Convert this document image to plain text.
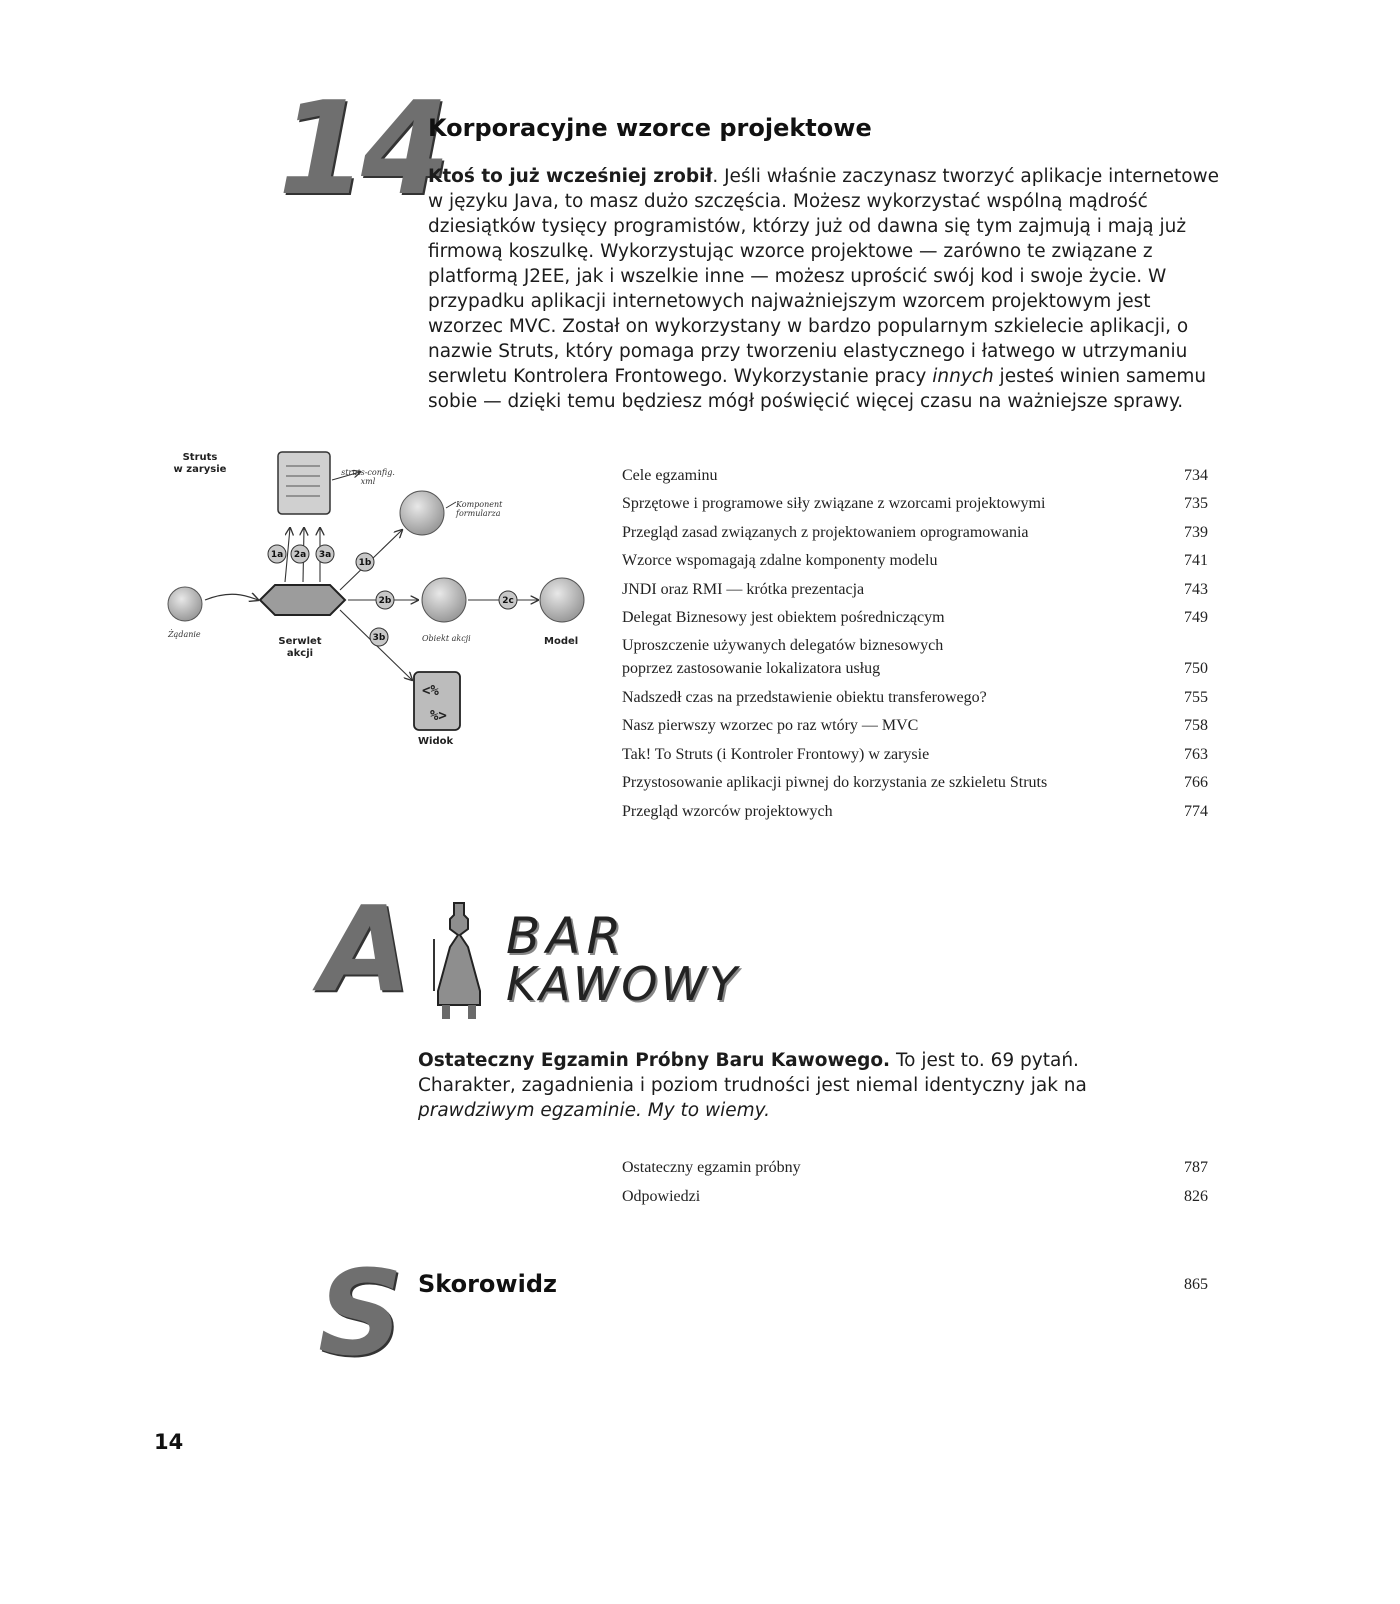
14
Korporacyjne wzorce projektowe
Ktoś to już wcześniej zrobił. Jeśli właśnie zaczynasz tworzyć aplikacje internetowe w języku Java, to masz dużo szczęścia. Możesz wykorzystać wspólną mądrość dziesiątków tysięcy programistów, którzy już od dawna się tym zajmują i mają już firmową koszulkę. Wykorzystując wzorce projektowe — zarówno te związane z platformą J2EE, jak i wszelkie inne — możesz uprościć swój kod i swoje życie. W przypadku aplikacji internetowych najważniejszym wzorcem projektowym jest wzorzec MVC. Został on wykorzystany w bardzo popularnym szkielecie aplikacji, o nazwie Struts, który pomaga przy tworzeniu elastycznego i łatwego w utrzymaniu serwletu Kontrolera Frontowego. Wykorzystanie pracy innych jesteś winien samemu sobie — dzięki temu będziesz mógł poświęcić więcej czasu na ważniejsze sprawy.
Struts
w zarysie
<%
%>
1a 2a 3a
1b
2b	2c
3b
struts-config.
xml
Komponent
formularza
Żądanie
Serwlet
akcji
Obiekt akcji	Model
Widok
Cele egzaminu	734
Sprzętowe i programowe siły związane z wzorcami projektowymi	735
Przegląd zasad związanych z projektowaniem oprogramowania	739
Wzorce wspomagają zdalne komponenty modelu	741
JNDI oraz RMI — krótka prezentacja	743
Delegat Biznesowy jest obiektem pośredniczącym	749
Uproszczenie używanych delegatów biznesowych
poprzez zastosowanie lokalizatora usług	750
Nadszedł czas na przedstawienie obiektu transferowego?	755
Nasz pierwszy wzorzec po raz wtóry — MVC	758
Tak! To Struts (i Kontroler Frontowy) w zarysie	763
Przystosowanie aplikacji piwnej do korzystania ze szkieletu Struts	766
Przegląd wzorców projektowych	774
A BAR
KAWOWY
Ostateczny Egzamin Próbny Baru Kawowego. To jest to. 69 pytań. Charakter, zagadnienia i poziom trudności jest niemal identyczny jak na prawdziwym egzaminie. My to wiemy.
Ostateczny egzamin próbny	787
Odpowiedzi	826
S Skorowidz	865
14
